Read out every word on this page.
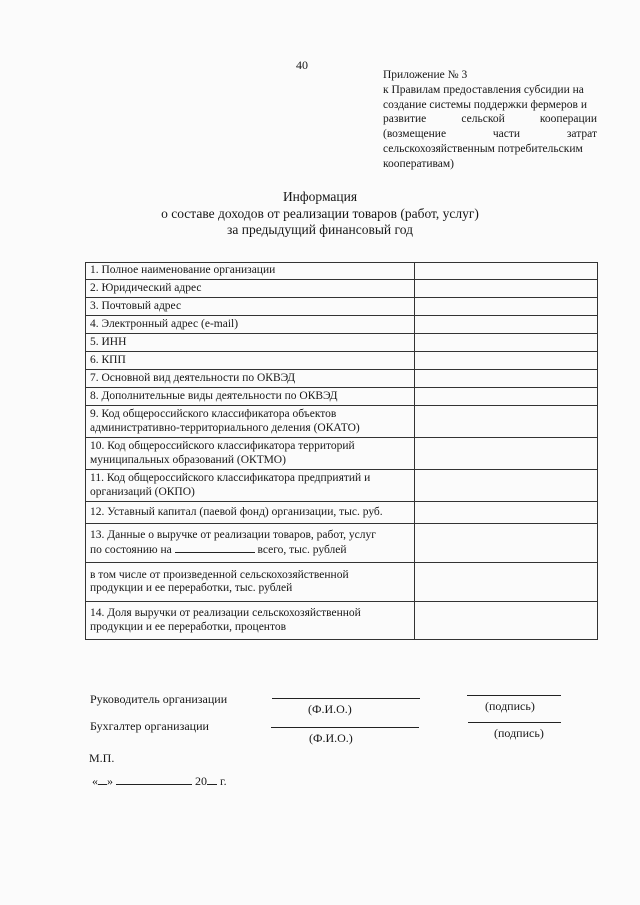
40
Приложение № 3
к Правилам предоставления субсидии на
создание системы поддержки фермеров и
развитие	сельской	кооперации
(возмещение	части	затрат
сельскохозяйственным потребительским
кооперативам)
Информация
о составе доходов от реализации товаров (работ, услуг)
за предыдущий финансовый год
1. Полное наименование организации	
2. Юридический адрес	
3. Почтовый адрес	
4. Электронный адрес (e-mail)	
5. ИНН	
6. КПП	
7. Основной вид деятельности по ОКВЭД	
8. Дополнительные виды деятельности по ОКВЭД	

9. Код общероссийского классификатора объектов
административно-территориального деления (ОКАТО)	

10. Код общероссийского классификатора территорий
муниципальных образований (ОКТМО)	

11. Код общероссийского классификатора предприятий и
организаций (ОКПО)	

12. Уставный капитал (паевой фонд) организации, тыс. руб.	

13. Данные о выручке от реализации товаров, работ, услуг
по состоянию на всего, тыс. рублей	

в том числе от произведенной сельскохозяйственной
продукции и ее переработки, тыс. рублей	

14. Доля выручки от реализации сельскохозяйственной
продукции и ее переработки, процентов	

Руководитель организации
(Ф.И.О.)	(подпись)
Бухгалтер организации
(Ф.И.О.)	(подпись)
М.П.
« »	20 г.
